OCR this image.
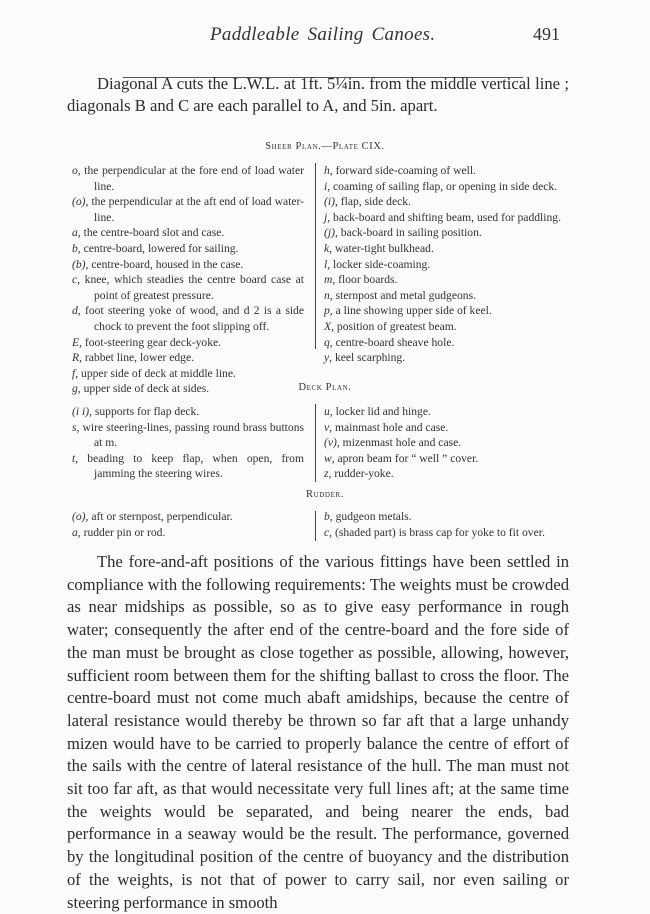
Paddleable Sailing Canoes.	491

Diagonal A cuts the L.W.L. at 1ft. 5¼in. from the middle vertical line ; diagonals B and C are each parallel to A, and 5in. apart.

Sheer Plan.—Plate CIX.
o, the perpendicular at the fore end of load water line.
(o), the perpendicular at the aft end of load water-line.
a, the centre-board slot and case.
b, centre-board, lowered for sailing.
(b), centre-board, housed in the case.
c, knee, which steadies the centre board case at point of greatest pressure.
d, foot steering yoke of wood, and d 2 is a side chock to prevent the foot slipping off.
E, foot-steering gear deck-yoke.
R, rabbet line, lower edge.
f, upper side of deck at middle line.
g, upper side of deck at sides.
h, forward side-coaming of well.
i, coaming of sailing flap, or opening in side deck.
(i), flap, side deck.
j, back-board and shifting beam, used for paddling.
(j), back-board in sailing position.
k, water-tight bulkhead.
l, locker side-coaming.
m, floor boards.
n, sternpost and metal gudgeons.
p, a line showing upper side of keel.
X, position of greatest beam.
q, centre-board sheave hole.
y, keel scarphing.
Deck Plan.
(i i), supports for flap deck.
s, wire steering-lines, passing round brass buttons at m.
t, beading to keep flap, when open, from jamming the steering wires.
u, locker lid and hinge.
v, mainmast hole and case.
(v), mizenmast hole and case.
w, apron beam for “ well ” cover.
z, rudder-yoke.
Rudder.
(o), aft or sternpost, perpendicular.
a, rudder pin or rod.
b, gudgeon metals.
c, (shaded part) is brass cap for yoke to fit over.

The fore-and-aft positions of the various fittings have been settled in compliance with the following requirements: The weights must be crowded as near midships as possible, so as to give easy performance in rough water; consequently the after end of the centre-board and the fore side of the man must be brought as close together as possible, allowing, however, sufficient room between them for the shifting ballast to cross the floor. The centre-board must not come much abaft amidships, because the centre of lateral resistance would thereby be thrown so far aft that a large unhandy mizen would have to be carried to properly balance the centre of effort of the sails with the centre of lateral resistance of the hull. The man must not sit too far aft, as that would necessitate very full lines aft; at the same time the weights would be separated, and being nearer the ends, bad performance in a seaway would be the result. The performance, governed by the longitudinal position of the centre of buoyancy and the distribution of the weights, is not that of power to carry sail, nor even sailing or steering performance in smooth
